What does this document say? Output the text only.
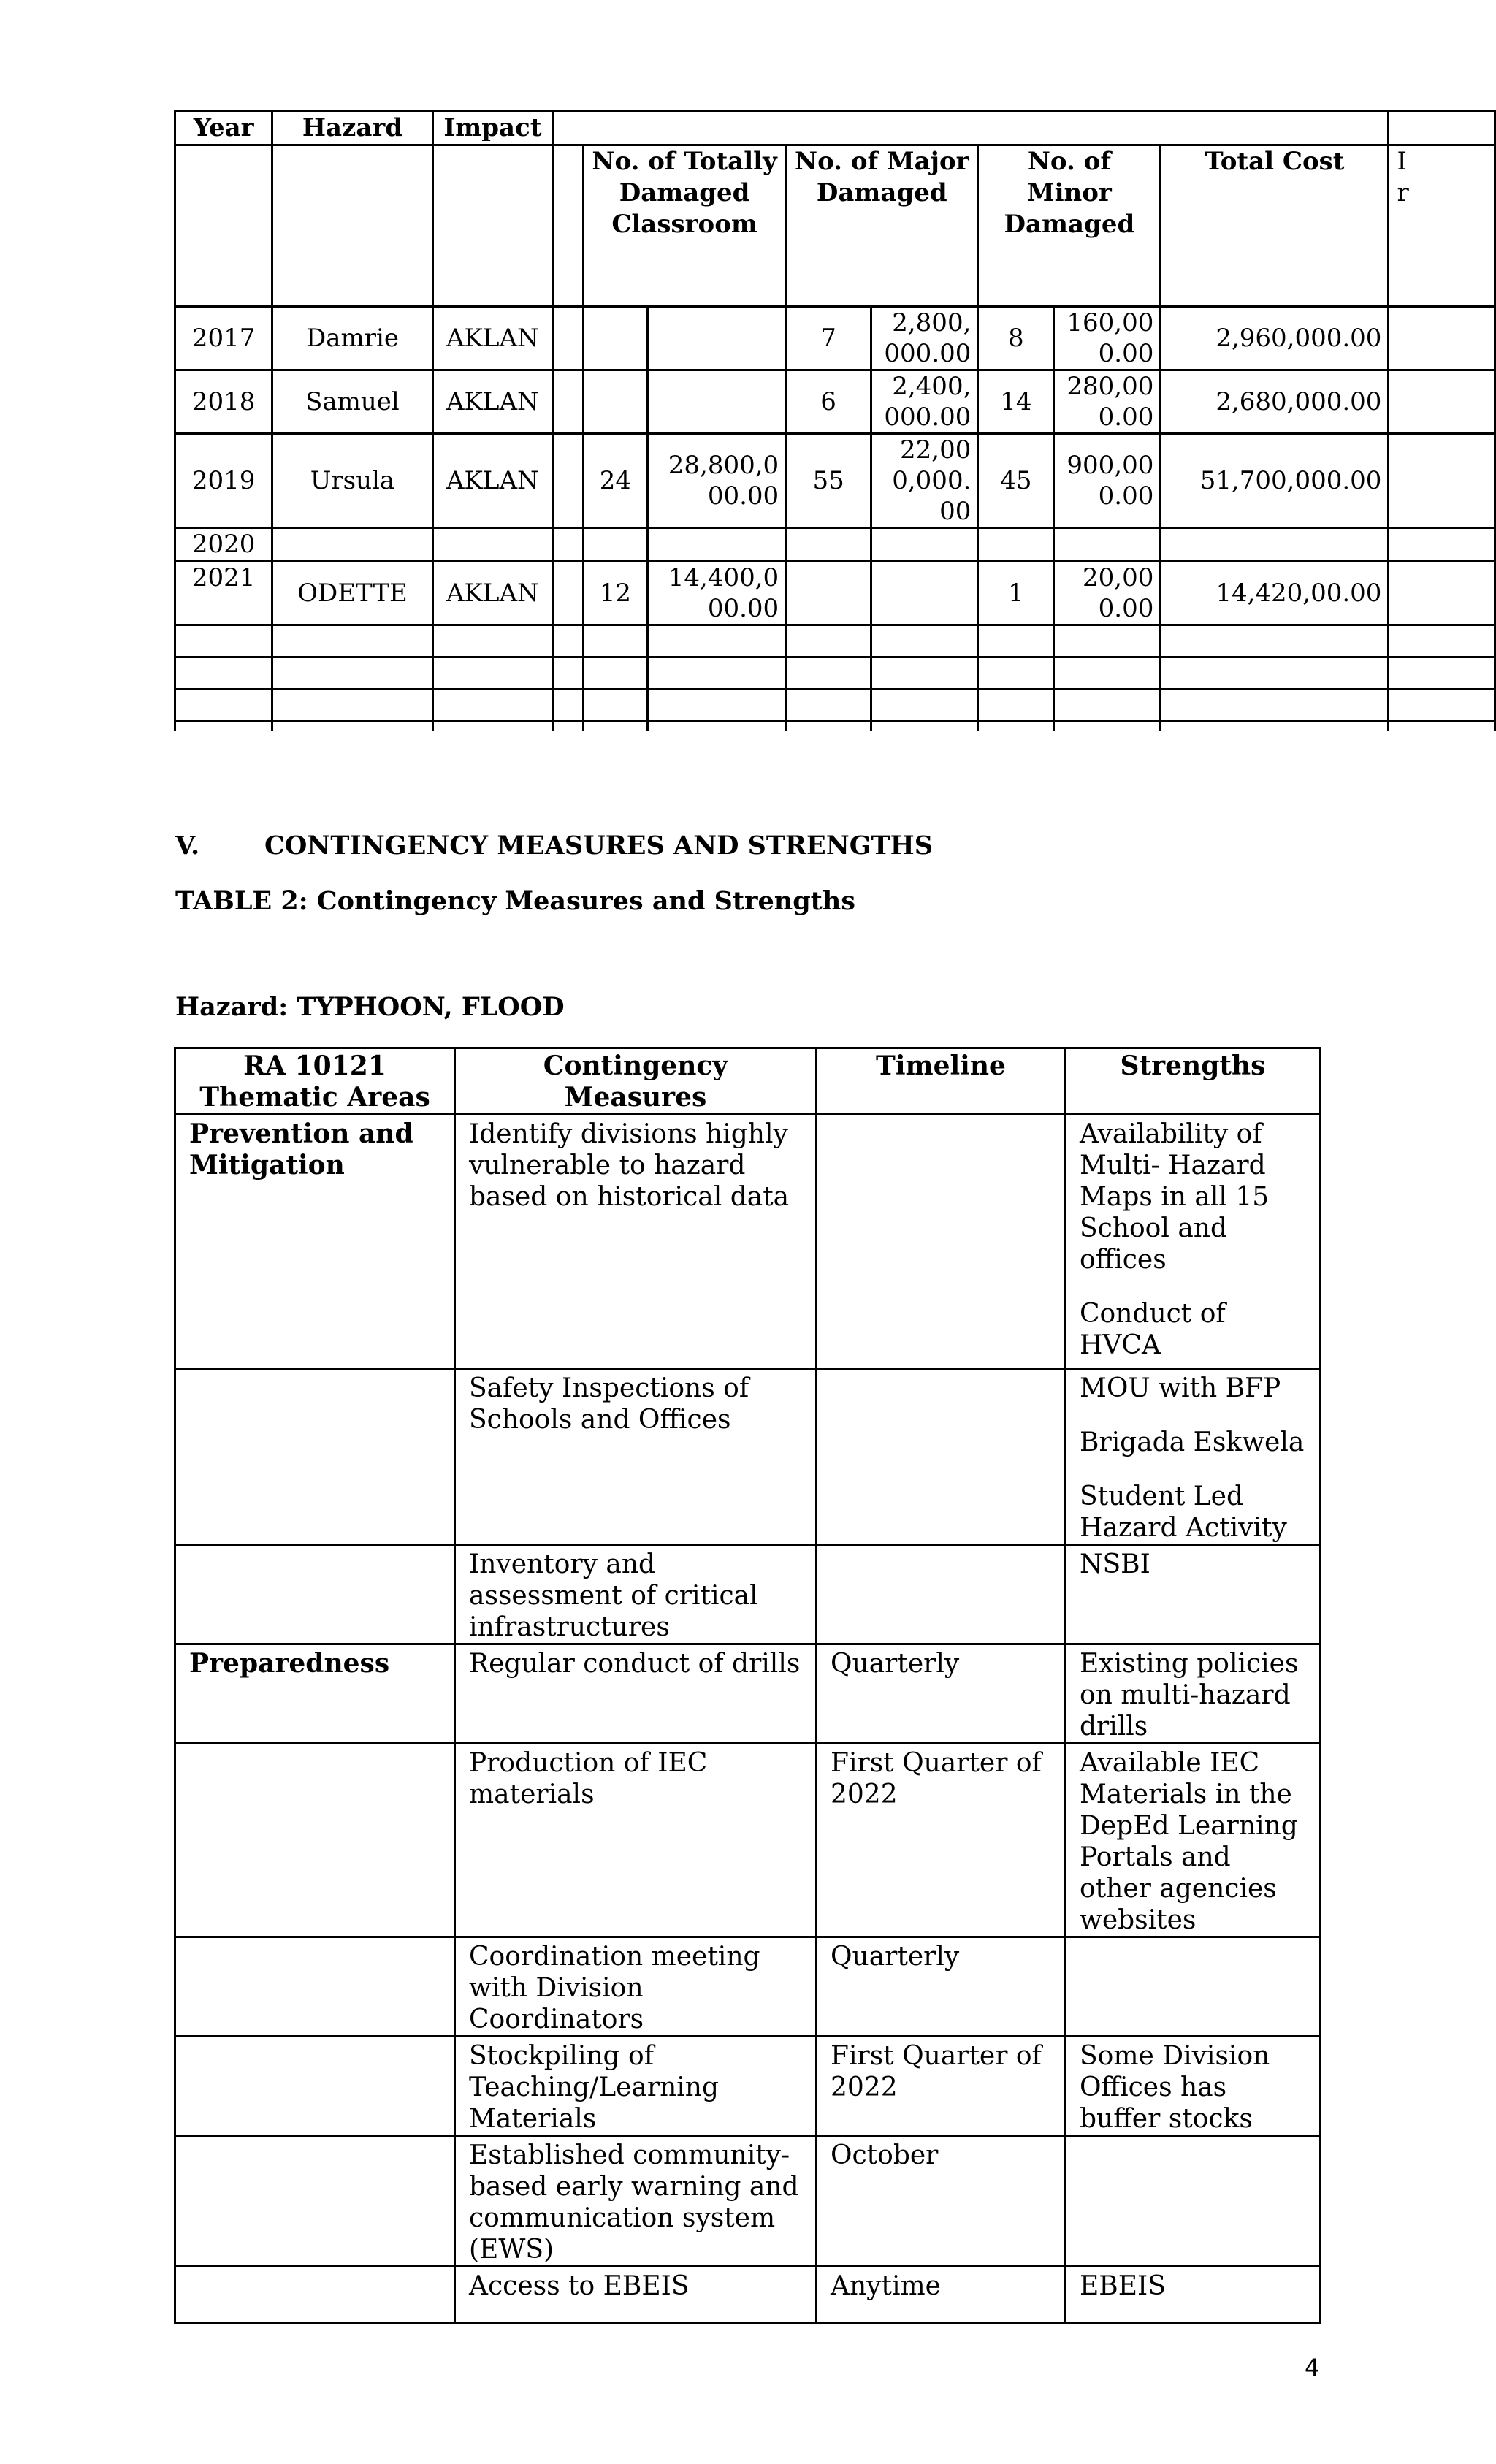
Year	Hazard	Impact									
				No. of Totally Damaged Classroom		No. of Major Damaged		No. of Minor Damaged		Total Cost	I
r
2017	Damrie	AKLAN				7	2,800,000.00	8	160,000.00	2,960,000.00	
2018	Samuel	AKLAN				6	2,400,000.00	14	280,000.00	2,680,000.00	
2019	Ursula	AKLAN		24	28,800,000.00	55	22,000,000.00	45	900,000.00	51,700,000.00	
2020											
2021	ODETTE	AKLAN		12	14,400,000.00			1	20,000.00	14,420,00.00	

V.	CONTINGENCY MEASURES AND STRENGTHS
TABLE 2: Contingency Measures and Strengths
Hazard: TYPHOON, FLOOD
RA 10121 Thematic Areas	Contingency Measures	Timeline	Strengths
Prevention and Mitigation	Identify divisions highly vulnerable to hazard based on historical data		Availability of Multi- Hazard Maps in all 15 School and offices
Conduct of HVCA

	Safety Inspections of Schools and Offices		MOU with BFP
Brigada Eskwela
Student Led Hazard Activity

	Inventory and assessment of critical infrastructures		NSBI

Preparedness	Regular conduct of drills	Quarterly	Existing policies on multi-hazard drills

	Production of IEC materials	First Quarter of 2022	Available IEC Materials in the DepEd Learning Portals and other agencies websites

	Coordination meeting with Division Coordinators	Quarterly	

	Stockpiling of Teaching/Learning Materials	First Quarter of 2022	Some Division Offices has buffer stocks

	Established community-based early warning and communication system (EWS)	October	

	Access to EBEIS	Anytime	EBEIS
4
